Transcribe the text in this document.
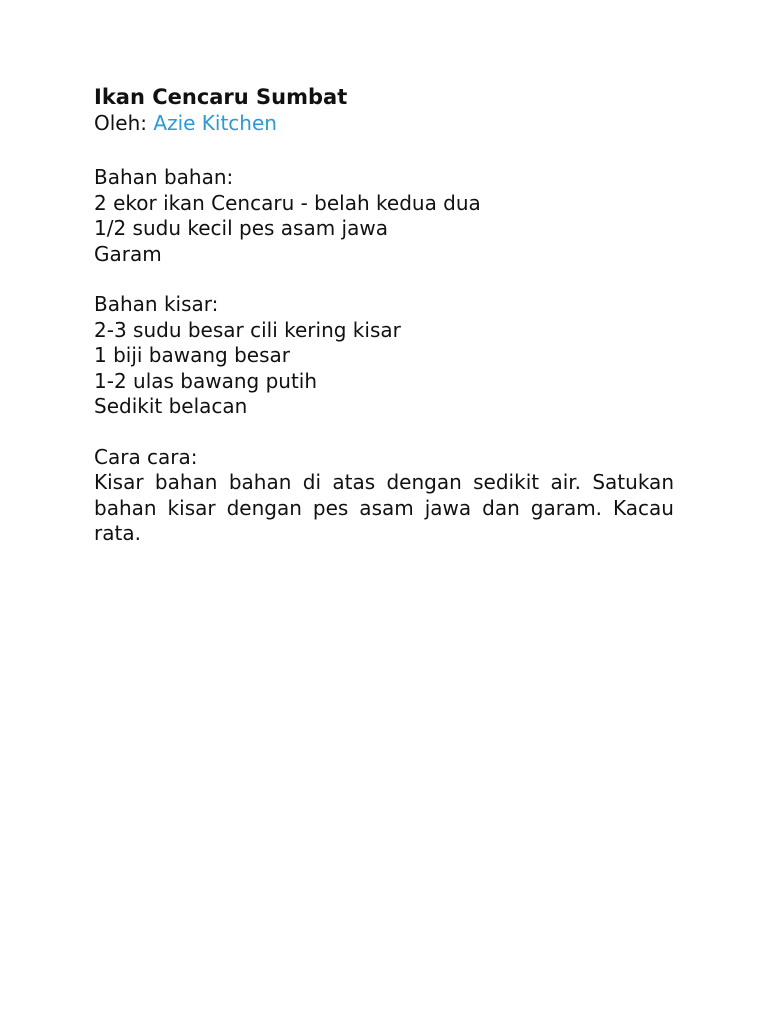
Ikan Cencaru Sumbat

Oleh: Azie Kitchen

Bahan bahan:

2 ekor ikan Cencaru - belah kedua dua

1/2 sudu kecil pes asam jawa

Garam

Bahan kisar:

2-3 sudu besar cili kering kisar

1 biji bawang besar

1-2 ulas bawang putih

Sedikit belacan

Cara cara:

Kisar bahan bahan di atas dengan sedikit air. Satukan bahan kisar dengan pes asam jawa dan garam. Kacau rata.
